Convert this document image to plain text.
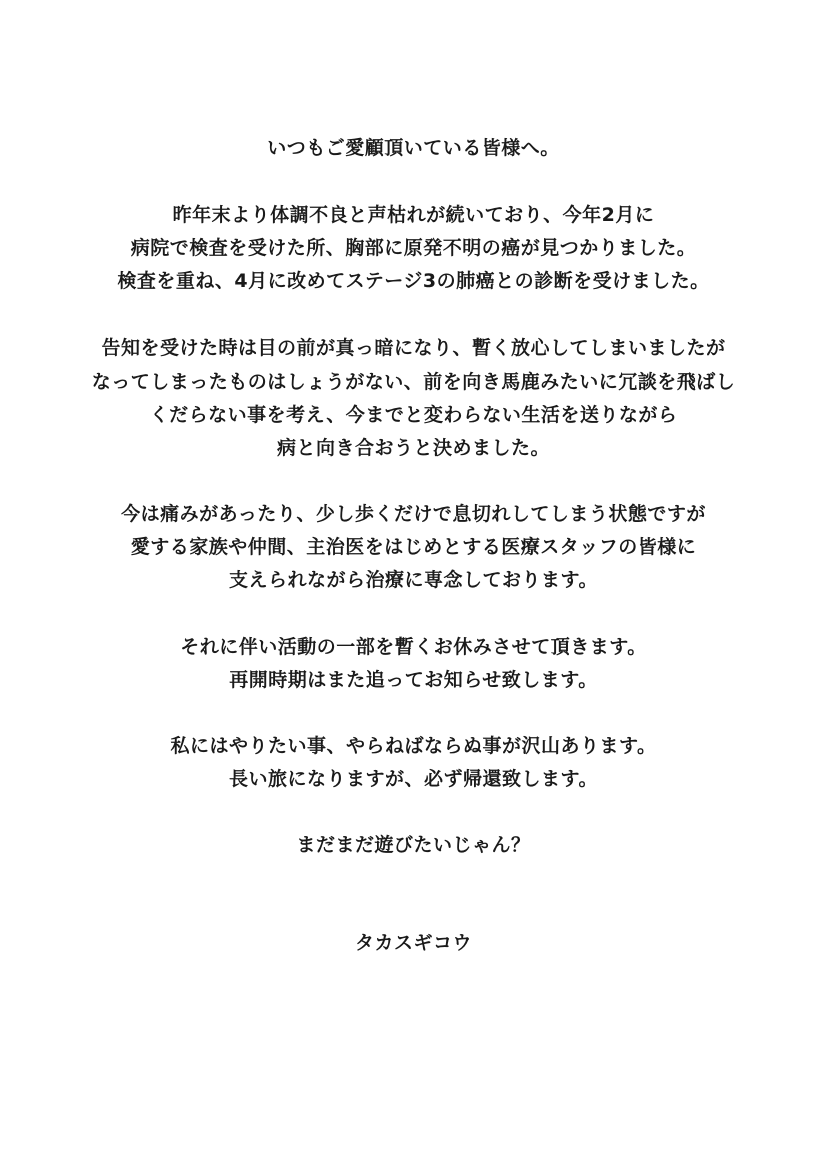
いつもご愛顧頂いている皆様へ。
昨年末より体調不良と声枯れが続いており、今年2月に
病院で検査を受けた所、胸部に原発不明の癌が見つかりました。
検査を重ね、4月に改めてステージ3の肺癌との診断を受けました。
告知を受けた時は目の前が真っ暗になり、暫く放心してしまいましたが
なってしまったものはしょうがない、前を向き馬鹿みたいに冗談を飛ばし
くだらない事を考え、今までと変わらない生活を送りながら
病と向き合おうと決めました。
今は痛みがあったり、少し歩くだけで息切れしてしまう状態ですが
愛する家族や仲間、主治医をはじめとする医療スタッフの皆様に
支えられながら治療に専念しております。
それに伴い活動の一部を暫くお休みさせて頂きます。
再開時期はまた追ってお知らせ致します。
私にはやりたい事、やらねばならぬ事が沢山あります。
長い旅になりますが、必ず帰還致します。
まだまだ遊びたいじゃん？
タカスギコウ
